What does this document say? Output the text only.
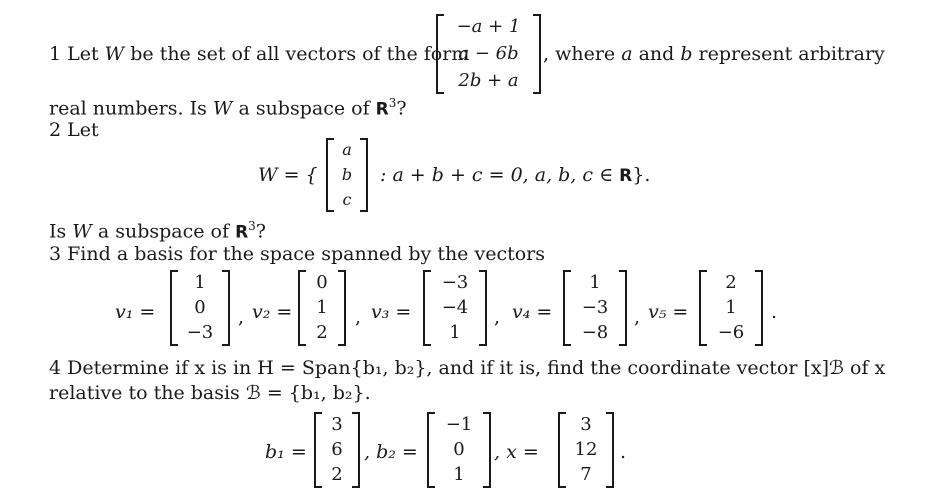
1 Let W be the set of all vectors of the form
−a + 1
a − 6b
2b + a
, where a and b represent arbitrary
real numbers. Is W a subspace of $R^3$?
2 Let
W = {
a
b
c
: a + b + c = 0, a, b, c ∈ R}.
Is W a subspace of $R^3$?
3 Find a basis for the space spanned by the vectors
v₁ =
1
0
−3
, v₂ =
0
1
2
, v₃ =
−3
−4
1
, v₄ =
1
−3
−8
, v₅ =
2
1
−6
.
4 Determine if x is in H = Span{b₁, b₂}, and if it is, find the coordinate vector [x]ℬ of x
relative to the basis ℬ = {b₁, b₂}.
b₁ =
3
6
2
, b₂ =
−1
0
1
, x =
3
12
7
.
